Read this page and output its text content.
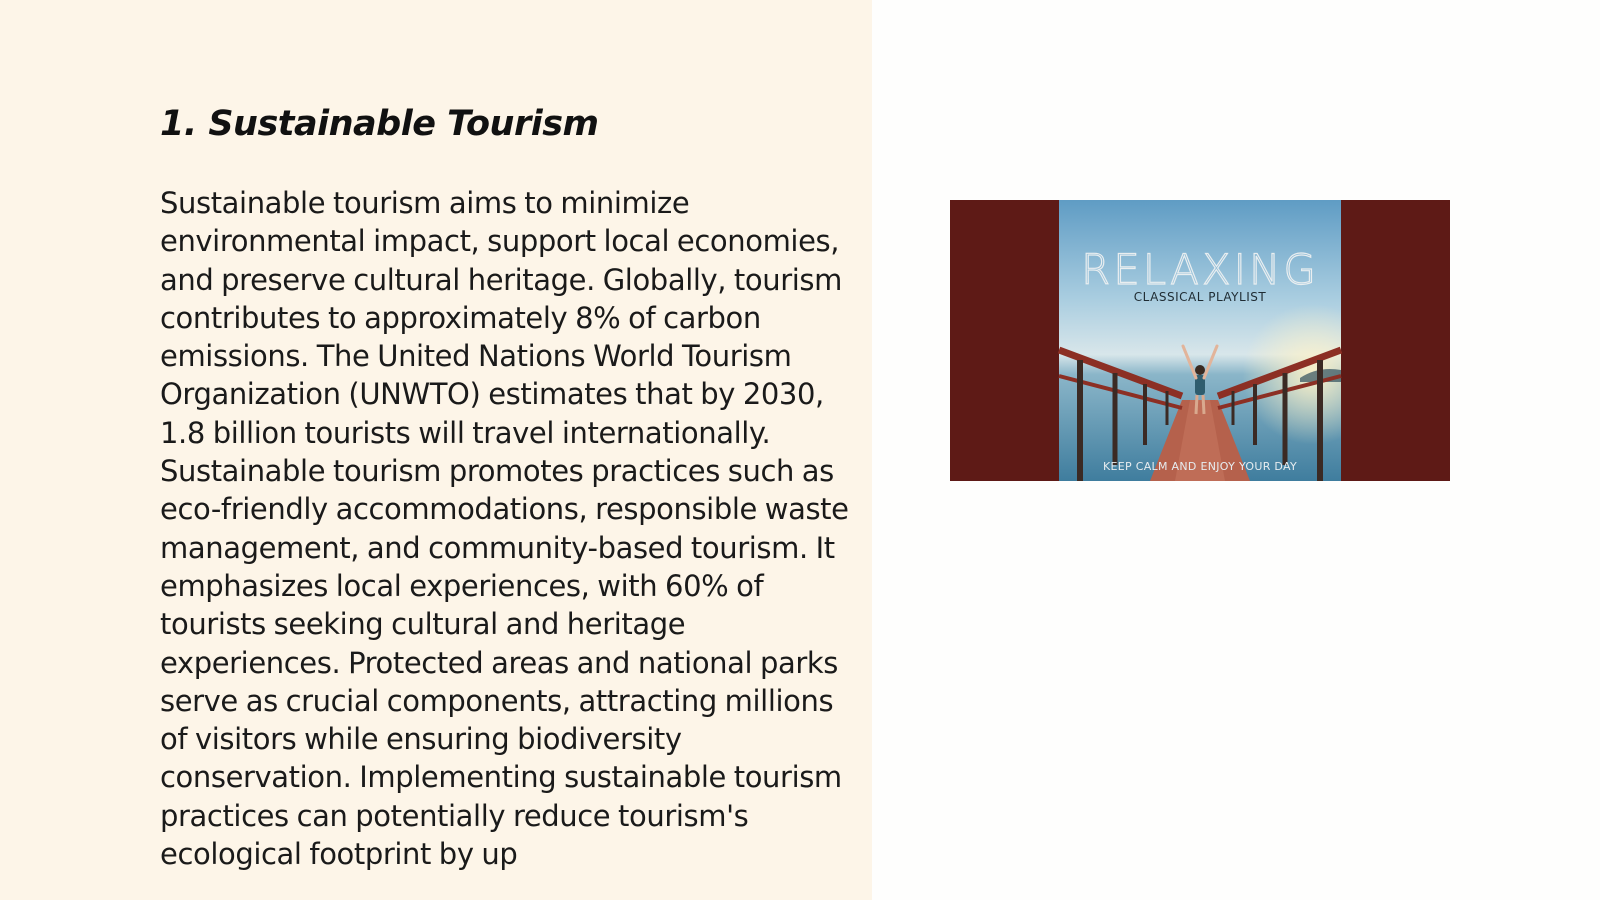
1. Sustainable Tourism

Sustainable tourism aims to minimize environmental impact, support local economies, and preserve cultural heritage. Globally, tourism contributes to approximately 8% of carbon emissions. The United Nations World Tourism Organization (UNWTO) estimates that by 2030, 1.8 billion tourists will travel internationally. Sustainable tourism promotes practices such as eco-friendly accommodations, responsible waste management, and community-based tourism. It emphasizes local experiences, with 60% of tourists seeking cultural and heritage experiences. Protected areas and national parks serve as crucial components, attracting millions of visitors while ensuring biodiversity conservation. Implementing sustainable tourism practices can potentially reduce tourism's ecological footprint by up

RELAXING
CLASSICAL PLAYLIST
KEEP CALM AND ENJOY YOUR DAY
